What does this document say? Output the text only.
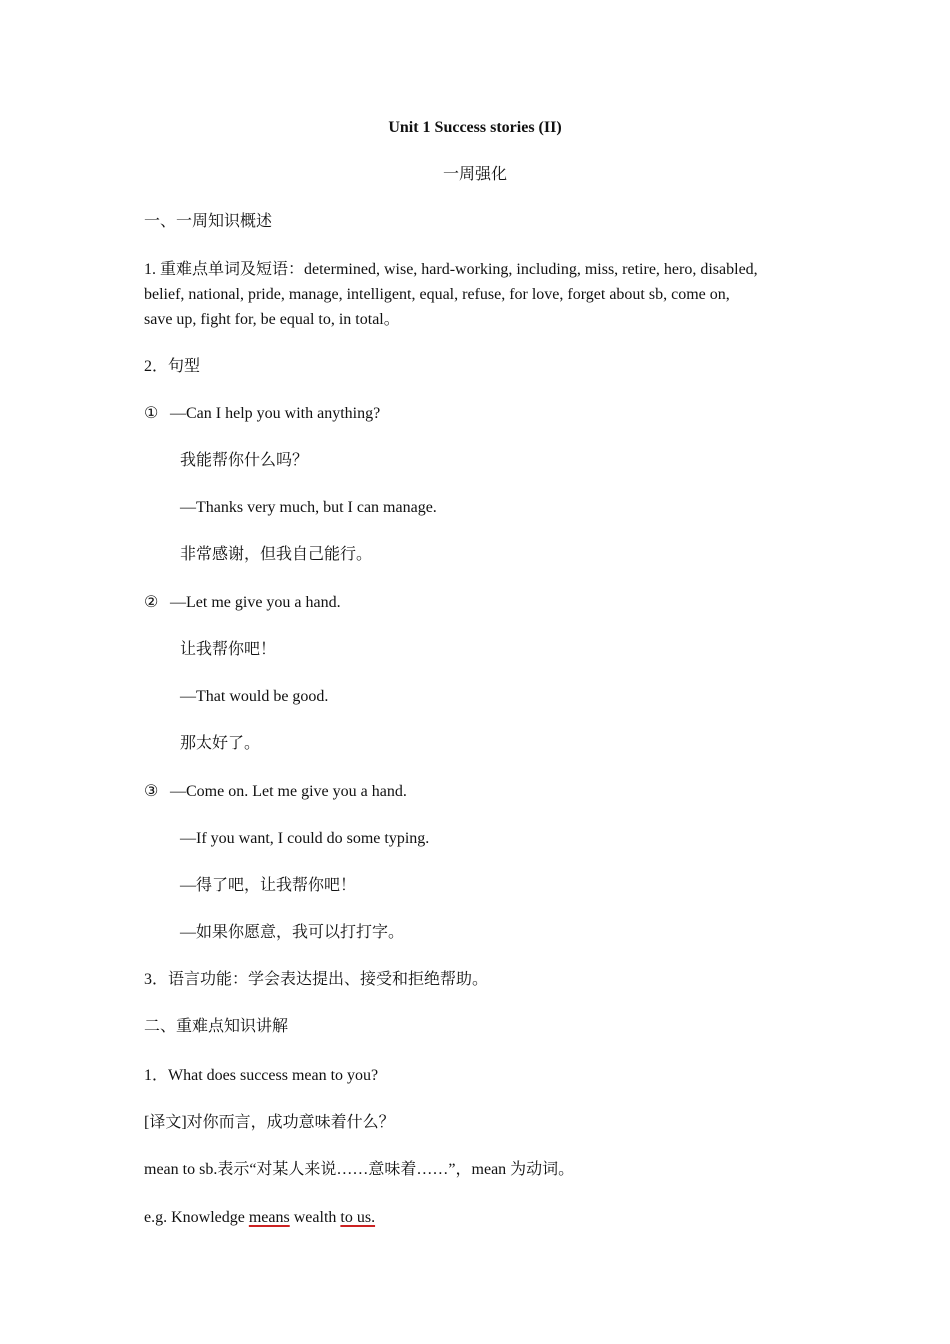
Unit 1 Success stories (II)
一周强化
一、一周知识概述
1. 重难点单词及短语：determined, wise, hard-working, including, miss, retire, hero, disabled,
belief, national, pride, manage, intelligent, equal, refuse, for love, forget about sb, come on,
save up, fight for, be equal to, in total。
2．句型
① —Can I help you with anything?
我能帮你什么吗？
—Thanks very much, but I can manage.
非常感谢，但我自己能行。
② —Let me give you a hand.
让我帮你吧！
—That would be good.
那太好了。
③ —Come on. Let me give you a hand.
—If you want, I could do some typing.
—得了吧，让我帮你吧！
—如果你愿意，我可以打打字。
3．语言功能：学会表达提出、接受和拒绝帮助。
二、重难点知识讲解
1．What does success mean to you?
[译文]对你而言，成功意味着什么？
mean to sb.表示“对某人来说……意味着……”，mean 为动词。
e.g. Knowledge means wealth to us.
